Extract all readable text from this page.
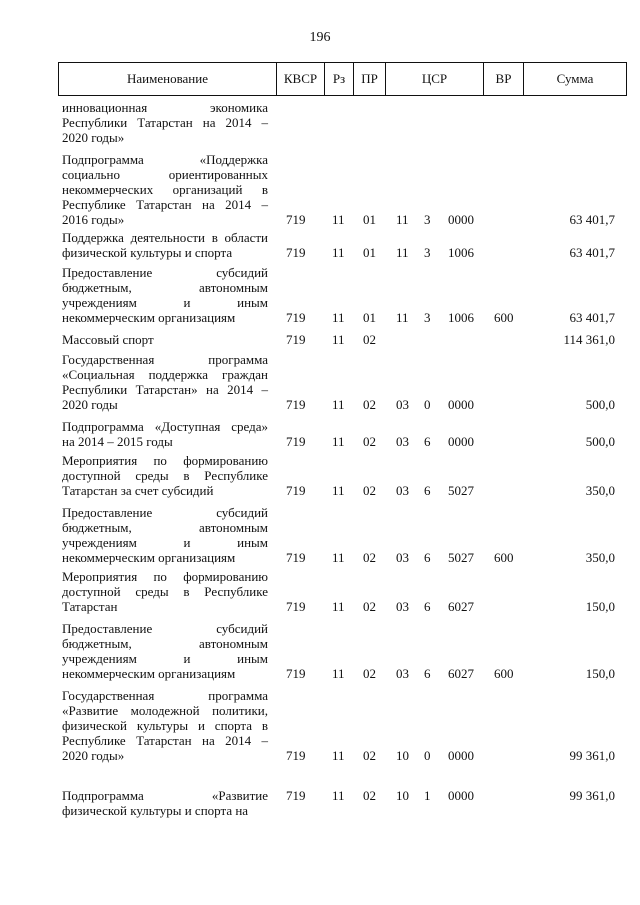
196
Наименование	КВСР	Рз	ПР	ЦСР	ВР	Сумма
инновационная экономика
Республики Татарстан на 2014 –
2020 годы»
Подпрограмма «Поддержка
социально ориентированных
некоммерческих организаций в
Республике Татарстан на 2014 –
2016 годы»	719 11 01 11 3 0000	63 401,7
Поддержка деятельности в области
физической культуры и спорта	719 11 01 11 3 1006	63 401,7
Предоставление субсидий
бюджетным, автономным
учреждениям и иным
некоммерческим организациям	719 11 01 11 3 1006 600	63 401,7
Массовый спорт	719 11 02	114 361,0
Государственная программа
«Социальная поддержка граждан
Республики Татарстан» на 2014 –
2020 годы	719 11 02 03 0 0000	500,0
Подпрограмма «Доступная среда»
на 2014 – 2015 годы	719 11 02 03 6 0000	500,0
Мероприятия по формированию
доступной среды в Республике
Татарстан за счет субсидий	719 11 02 03 6 5027	350,0
Предоставление субсидий
бюджетным, автономным
учреждениям и иным
некоммерческим организациям	719 11 02 03 6 5027 600	350,0
Мероприятия по формированию
доступной среды в Республике
Татарстан	719 11 02 03 6 6027	150,0
Предоставление субсидий
бюджетным, автономным
учреждениям и иным
некоммерческим организациям	719 11 02 03 6 6027 600	150,0
Государственная программа
«Развитие молодежной политики,
физической культуры и спорта в
Республике Татарстан на 2014 –
2020 годы»	719 11 02 10 0 0000	99 361,0
Подпрограмма «Развитие
физической культуры и спорта на
719 11 02 10 1 0000	99 361,0
